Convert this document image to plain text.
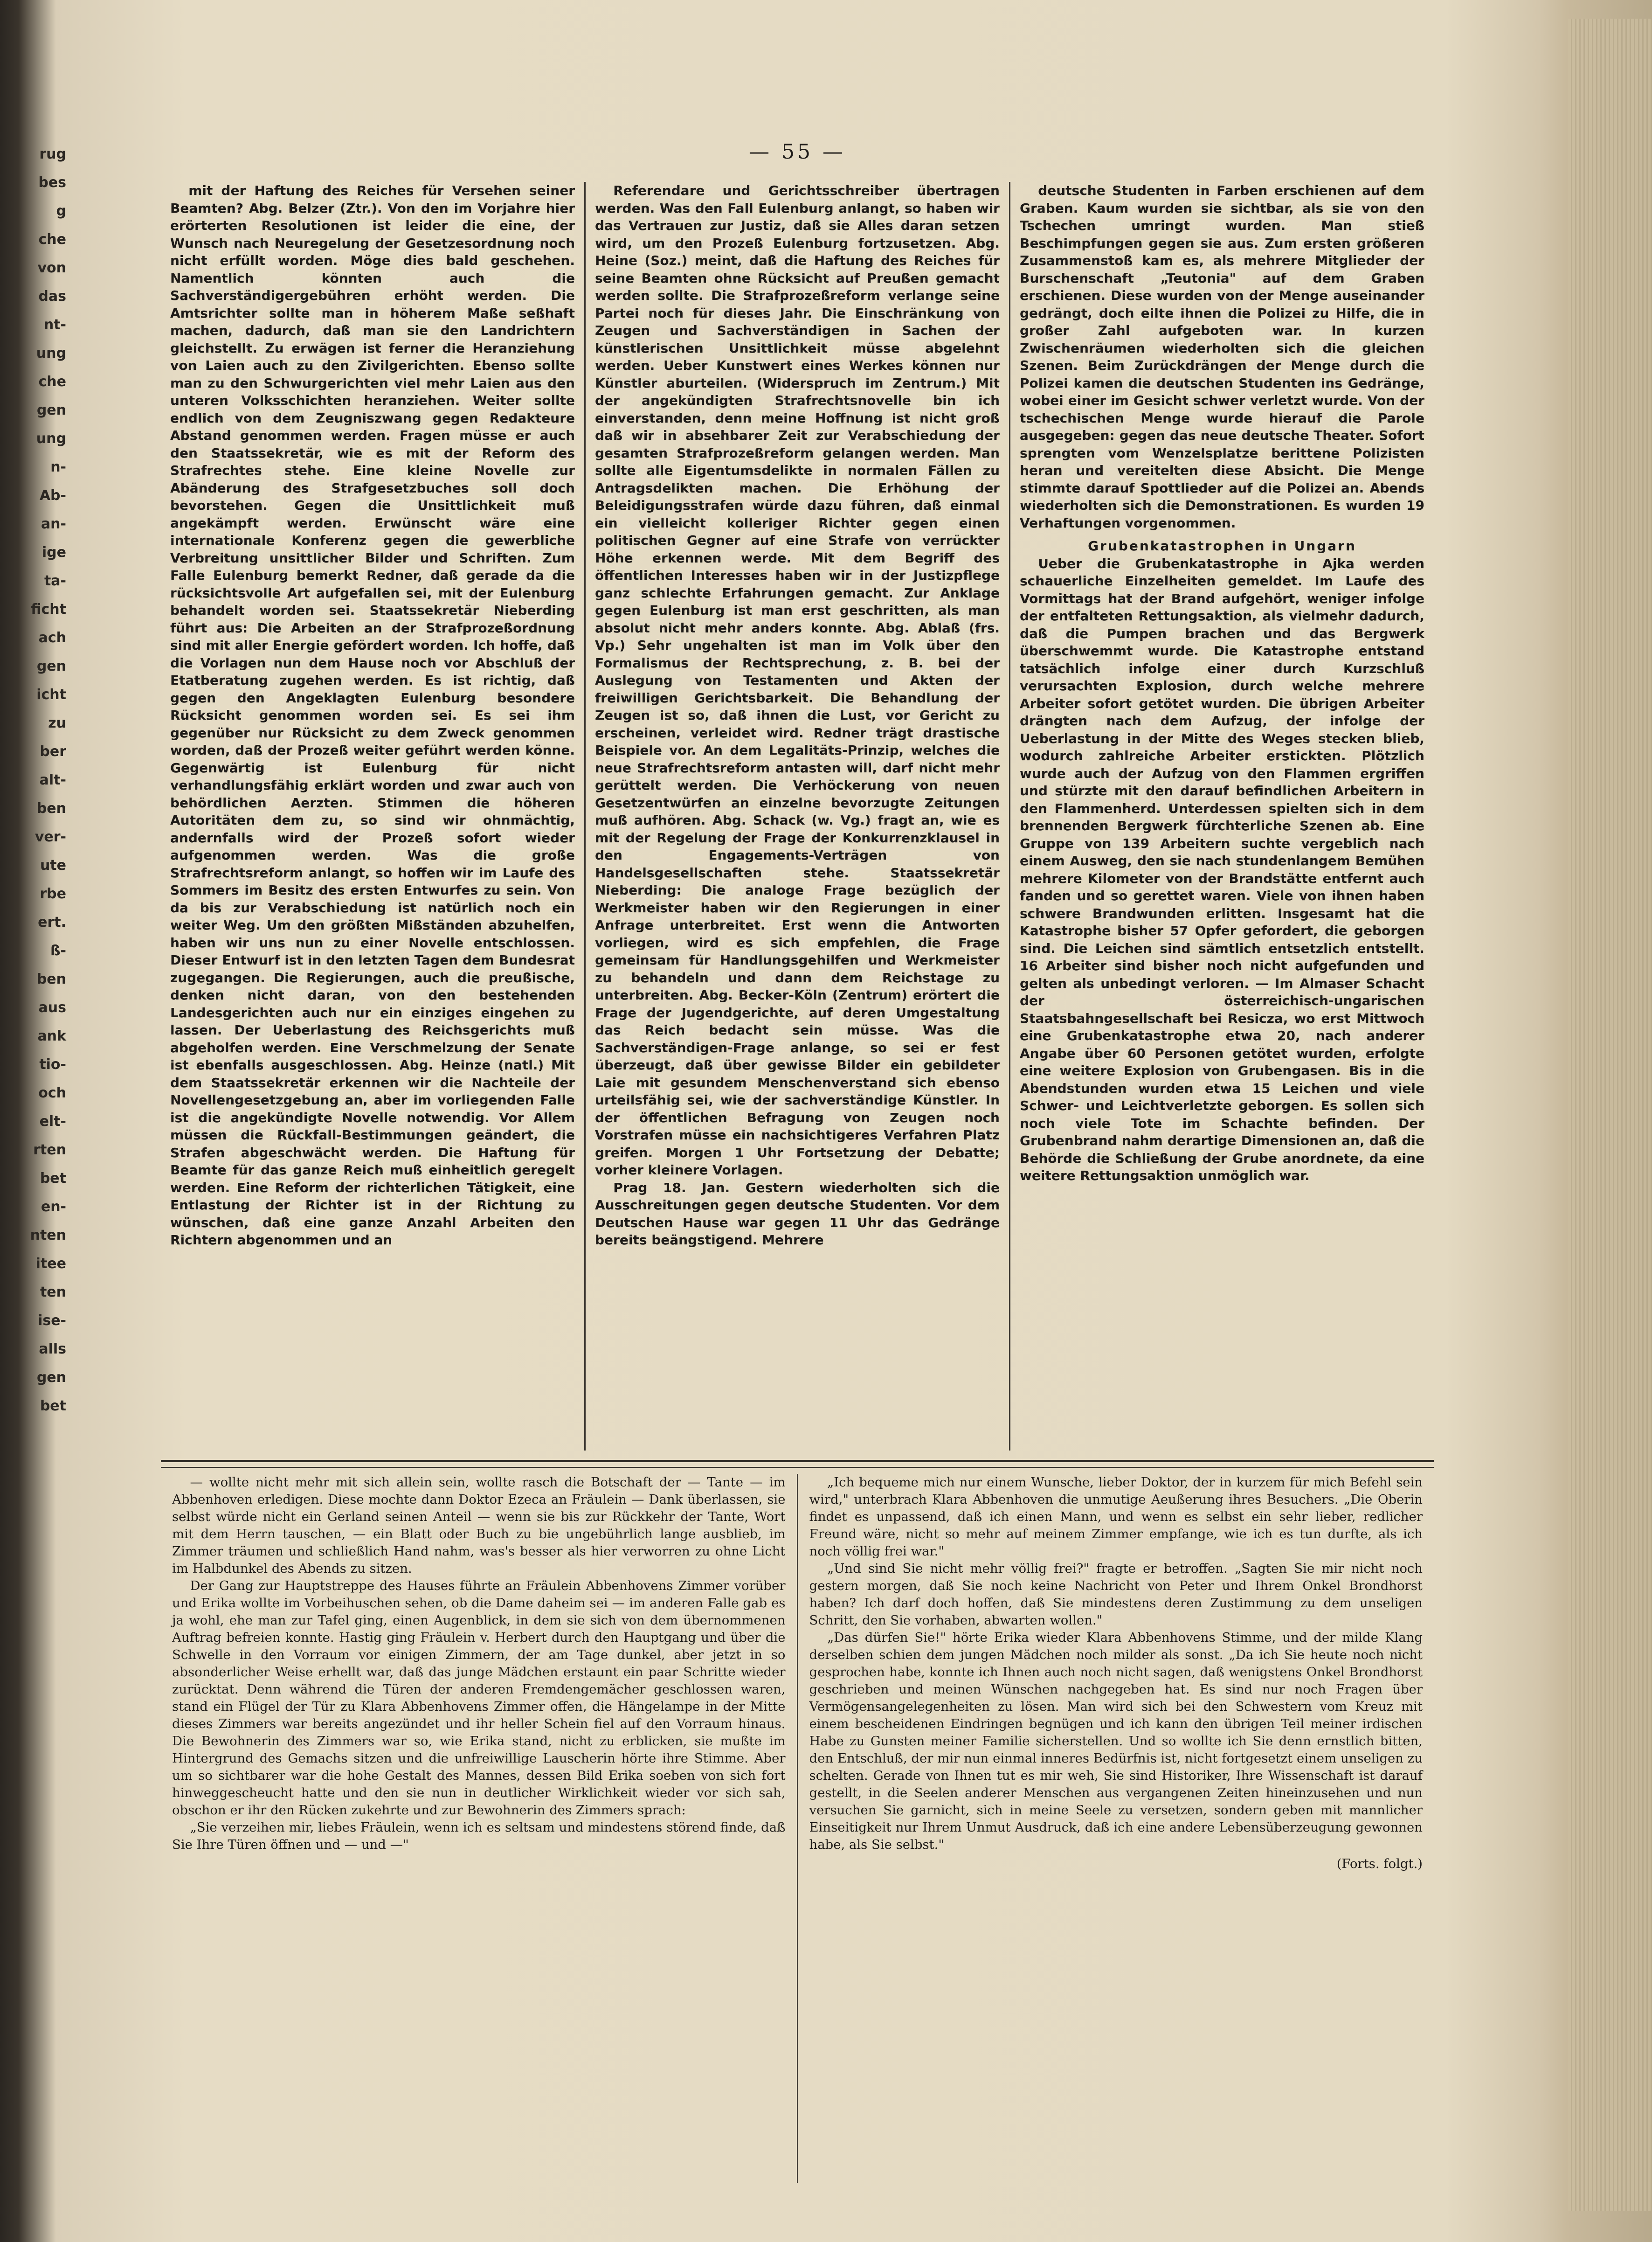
rug
bes
g
che
von
das
nt-
ung
che
gen
ung
n-
Ab-
an-
ige
ta-
ficht
ach
gen
icht
zu
ber
alt-
ben
ver-
ute
rbe
ert.
ß-
ben
aus
ank
tio-
och
elt-
rten
bet
en-
nten
itee
ten
ise-
alls
gen
bet
— 55 —

mit der Haftung des Reiches für Versehen seiner Beamten? Abg. Belzer (Ztr.). Von den im Vorjahre hier erörterten Resolutionen ist leider die eine, der Wunsch nach Neuregelung der Gesetzesordnung noch nicht erfüllt worden. Möge dies bald geschehen. Namentlich könnten auch die Sachverständigergebühren erhöht werden. Die Amtsrichter sollte man in höherem Maße seßhaft machen, dadurch, daß man sie den Landrichtern gleichstellt. Zu erwägen ist ferner die Heranziehung von Laien auch zu den Zivilgerichten. Ebenso sollte man zu den Schwurgerichten viel mehr Laien aus den unteren Volksschichten heranziehen. Weiter sollte endlich von dem Zeugniszwang gegen Redakteure Abstand genommen werden. Fragen müsse er auch den Staatssekretär, wie es mit der Reform des Strafrechtes stehe. Eine kleine Novelle zur Abänderung des Strafgesetzbuches soll doch bevorstehen. Gegen die Unsittlichkeit muß angekämpft werden. Erwünscht wäre eine internationale Konferenz gegen die gewerbliche Verbreitung unsittlicher Bilder und Schriften. Zum Falle Eulenburg bemerkt Redner, daß gerade da die rücksichtsvolle Art aufgefallen sei, mit der Eulenburg behandelt worden sei. Staatssekretär Nieberding führt aus: Die Arbeiten an der Strafprozeßordnung sind mit aller Energie gefördert worden. Ich hoffe, daß die Vorlagen nun dem Hause noch vor Abschluß der Etatberatung zugehen werden. Es ist richtig, daß gegen den Angeklagten Eulenburg besondere Rücksicht genommen worden sei. Es sei ihm gegenüber nur Rücksicht zu dem Zweck genommen worden, daß der Prozeß weiter geführt werden könne. Gegenwärtig ist Eulenburg für nicht verhandlungsfähig erklärt worden und zwar auch von behördlichen Aerzten. Stimmen die höheren Autoritäten dem zu, so sind wir ohnmächtig, andernfalls wird der Prozeß sofort wieder aufgenommen werden. Was die große Strafrechtsreform anlangt, so hoffen wir im Laufe des Sommers im Besitz des ersten Entwurfes zu sein. Von da bis zur Verabschiedung ist natürlich noch ein weiter Weg. Um den größten Mißständen abzuhelfen, haben wir uns nun zu einer Novelle entschlossen. Dieser Entwurf ist in den letzten Tagen dem Bundesrat zugegangen. Die Regierungen, auch die preußische, denken nicht daran, von den bestehenden Landesgerichten auch nur ein einziges eingehen zu lassen. Der Ueberlastung des Reichsgerichts muß abgeholfen werden. Eine Verschmelzung der Senate ist ebenfalls ausgeschlossen. Abg. Heinze (natl.) Mit dem Staatssekretär erkennen wir die Nachteile der Novellengesetzgebung an, aber im vorliegenden Falle ist die angekündigte Novelle notwendig. Vor Allem müssen die Rückfall-Bestimmungen geändert, die Strafen abgeschwächt werden. Die Haftung für Beamte für das ganze Reich muß einheitlich geregelt werden. Eine Reform der richterlichen Tätigkeit, eine Entlastung der Richter ist in der Richtung zu wünschen, daß eine ganze Anzahl Arbeiten den Richtern abgenommen und an

Referendare und Gerichtsschreiber übertragen werden. Was den Fall Eulenburg anlangt, so haben wir das Vertrauen zur Justiz, daß sie Alles daran setzen wird, um den Prozeß Eulenburg fortzusetzen. Abg. Heine (Soz.) meint, daß die Haftung des Reiches für seine Beamten ohne Rücksicht auf Preußen gemacht werden sollte. Die Strafprozeßreform verlange seine Partei noch für dieses Jahr. Die Einschränkung von Zeugen und Sachverständigen in Sachen der künstlerischen Unsittlichkeit müsse abgelehnt werden. Ueber Kunstwert eines Werkes können nur Künstler aburteilen. (Widerspruch im Zentrum.) Mit der angekündigten Strafrechtsnovelle bin ich einverstanden, denn meine Hoffnung ist nicht groß daß wir in absehbarer Zeit zur Verabschiedung der gesamten Strafprozeßreform gelangen werden. Man sollte alle Eigentumsdelikte in normalen Fällen zu Antragsdelikten machen. Die Erhöhung der Beleidigungsstrafen würde dazu führen, daß einmal ein vielleicht kolleriger Richter gegen einen politischen Gegner auf eine Strafe von verrückter Höhe erkennen werde. Mit dem Begriff des öffentlichen Interesses haben wir in der Justizpflege ganz schlechte Erfahrungen gemacht. Zur Anklage gegen Eulenburg ist man erst geschritten, als man absolut nicht mehr anders konnte. Abg. Ablaß (frs. Vp.) Sehr ungehalten ist man im Volk über den Formalismus der Rechtsprechung, z. B. bei der Auslegung von Testamenten und Akten der freiwilligen Gerichtsbarkeit. Die Behandlung der Zeugen ist so, daß ihnen die Lust, vor Gericht zu erscheinen, verleidet wird. Redner trägt drastische Beispiele vor. An dem Legalitäts-Prinzip, welches die neue Strafrechtsreform antasten will, darf nicht mehr gerüttelt werden. Die Verhöckerung von neuen Gesetzentwürfen an einzelne bevorzugte Zeitungen muß aufhören. Abg. Schack (w. Vg.) fragt an, wie es mit der Regelung der Frage der Konkurrenzklausel in den Engagements-Verträgen von Handelsgesellschaften stehe. Staatssekretär Nieberding: Die analoge Frage bezüglich der Werkmeister haben wir den Regierungen in einer Anfrage unterbreitet. Erst wenn die Antworten vorliegen, wird es sich empfehlen, die Frage gemeinsam für Handlungsgehilfen und Werkmeister zu behandeln und dann dem Reichstage zu unterbreiten. Abg. Becker-Köln (Zentrum) erörtert die Frage der Jugendgerichte, auf deren Umgestaltung das Reich bedacht sein müsse. Was die Sachverständigen-Frage anlange, so sei er fest überzeugt, daß über gewisse Bilder ein gebildeter Laie mit gesundem Menschenverstand sich ebenso urteilsfähig sei, wie der sachverständige Künstler. In der öffentlichen Befragung von Zeugen noch Vorstrafen müsse ein nachsichtigeres Verfahren Platz greifen. Morgen 1 Uhr Fortsetzung der Debatte; vorher kleinere Vorlagen.

Prag 18. Jan. Gestern wiederholten sich die Ausschreitungen gegen deutsche Studenten. Vor dem Deutschen Hause war gegen 11 Uhr das Gedränge bereits beängstigend. Mehrere

deutsche Studenten in Farben erschienen auf dem Graben. Kaum wurden sie sichtbar, als sie von den Tschechen umringt wurden. Man stieß Beschimpfungen gegen sie aus. Zum ersten größeren Zusammenstoß kam es, als mehrere Mitglieder der Burschenschaft „Teutonia" auf dem Graben erschienen. Diese wurden von der Menge auseinander gedrängt, doch eilte ihnen die Polizei zu Hilfe, die in großer Zahl aufgeboten war. In kurzen Zwischenräumen wiederholten sich die gleichen Szenen. Beim Zurückdrängen der Menge durch die Polizei kamen die deutschen Studenten ins Gedränge, wobei einer im Gesicht schwer verletzt wurde. Von der tschechischen Menge wurde hierauf die Parole ausgegeben: gegen das neue deutsche Theater. Sofort sprengten vom Wenzelsplatze berittene Polizisten heran und vereitelten diese Absicht. Die Menge stimmte darauf Spottlieder auf die Polizei an. Abends wiederholten sich die Demonstrationen. Es wurden 19 Verhaftungen vorgenommen.

Grubenkatastrophen in Ungarn

Ueber die Grubenkatastrophe in Ajka werden schauerliche Einzelheiten gemeldet. Im Laufe des Vormittags hat der Brand aufgehört, weniger infolge der entfalteten Rettungsaktion, als vielmehr dadurch, daß die Pumpen brachen und das Bergwerk überschwemmt wurde. Die Katastrophe entstand tatsächlich infolge einer durch Kurzschluß verursachten Explosion, durch welche mehrere Arbeiter sofort getötet wurden. Die übrigen Arbeiter drängten nach dem Aufzug, der infolge der Ueberlastung in der Mitte des Weges stecken blieb, wodurch zahlreiche Arbeiter erstickten. Plötzlich wurde auch der Aufzug von den Flammen ergriffen und stürzte mit den darauf befindlichen Arbeitern in den Flammenherd. Unterdessen spielten sich in dem brennenden Bergwerk fürchterliche Szenen ab. Eine Gruppe von 139 Arbeitern suchte vergeblich nach einem Ausweg, den sie nach stundenlangem Bemühen mehrere Kilometer von der Brandstätte entfernt auch fanden und so gerettet waren. Viele von ihnen haben schwere Brandwunden erlitten. Insgesamt hat die Katastrophe bisher 57 Opfer gefordert, die geborgen sind. Die Leichen sind sämtlich entsetzlich entstellt. 16 Arbeiter sind bisher noch nicht aufgefunden und gelten als unbedingt verloren. — Im Almaser Schacht der österreichisch-ungarischen Staatsbahngesellschaft bei Resicza, wo erst Mittwoch eine Grubenkatastrophe etwa 20, nach anderer Angabe über 60 Personen getötet wurden, erfolgte eine weitere Explosion von Grubengasen. Bis in die Abendstunden wurden etwa 15 Leichen und viele Schwer- und Leichtverletzte geborgen. Es sollen sich noch viele Tote im Schachte befinden. Der Grubenbrand nahm derartige Dimensionen an, daß die Behörde die Schließung der Grube anordnete, da eine weitere Rettungsaktion unmöglich war.

— wollte nicht mehr mit sich allein sein, wollte rasch die Botschaft der — Tante — im Abbenhoven erledigen. Diese mochte dann Doktor Ezeca an Fräulein — Dank überlassen, sie selbst würde nicht ein Gerland seinen Anteil — wenn sie bis zur Rückkehr der Tante, Wort mit dem Herrn tauschen, — ein Blatt oder Buch zu bie ungebührlich lange ausblieb, im Zimmer träumen und schließlich Hand nahm, was's besser als hier verworren zu ohne Licht im Halbdunkel des Abends zu sitzen.

Der Gang zur Hauptstreppe des Hauses führte an Fräulein Abbenhovens Zimmer vorüber und Erika wollte im Vorbeihuschen sehen, ob die Dame daheim sei — im anderen Falle gab es ja wohl, ehe man zur Tafel ging, einen Augenblick, in dem sie sich von dem übernommenen Auftrag befreien konnte. Hastig ging Fräulein v. Herbert durch den Hauptgang und über die Schwelle in den Vorraum vor einigen Zimmern, der am Tage dunkel, aber jetzt in so absonderlicher Weise erhellt war, daß das junge Mädchen erstaunt ein paar Schritte wieder zurücktat. Denn während die Türen der anderen Fremdengemächer geschlossen waren, stand ein Flügel der Tür zu Klara Abbenhovens Zimmer offen, die Hängelampe in der Mitte dieses Zimmers war bereits angezündet und ihr heller Schein fiel auf den Vorraum hinaus. Die Bewohnerin des Zimmers war so, wie Erika stand, nicht zu erblicken, sie mußte im Hintergrund des Gemachs sitzen und die unfreiwillige Lauscherin hörte ihre Stimme. Aber um so sichtbarer war die hohe Gestalt des Mannes, dessen Bild Erika soeben von sich fort hinweggescheucht hatte und den sie nun in deutlicher Wirklichkeit wieder vor sich sah, obschon er ihr den Rücken zukehrte und zur Bewohnerin des Zimmers sprach:

„Sie verzeihen mir, liebes Fräulein, wenn ich es seltsam und mindestens störend finde, daß Sie Ihre Türen öffnen und — und —"

„Ich bequeme mich nur einem Wunsche, lieber Doktor, der in kurzem für mich Befehl sein wird," unterbrach Klara Abbenhoven die unmutige Aeußerung ihres Besuchers. „Die Oberin findet es unpassend, daß ich einen Mann, und wenn es selbst ein sehr lieber, redlicher Freund wäre, nicht so mehr auf meinem Zimmer empfange, wie ich es tun durfte, als ich noch völlig frei war."

„Und sind Sie nicht mehr völlig frei?" fragte er betroffen. „Sagten Sie mir nicht noch gestern morgen, daß Sie noch keine Nachricht von Peter und Ihrem Onkel Brondhorst haben? Ich darf doch hoffen, daß Sie mindestens deren Zustimmung zu dem unseligen Schritt, den Sie vorhaben, abwarten wollen."

„Das dürfen Sie!" hörte Erika wieder Klara Abbenhovens Stimme, und der milde Klang derselben schien dem jungen Mädchen noch milder als sonst. „Da ich Sie heute noch nicht gesprochen habe, konnte ich Ihnen auch noch nicht sagen, daß wenigstens Onkel Brondhorst geschrieben und meinen Wünschen nachgegeben hat. Es sind nur noch Fragen über Vermögensangelegenheiten zu lösen. Man wird sich bei den Schwestern vom Kreuz mit einem bescheidenen Eindringen begnügen und ich kann den übrigen Teil meiner irdischen Habe zu Gunsten meiner Familie sicherstellen. Und so wollte ich Sie denn ernstlich bitten, den Entschluß, der mir nun einmal inneres Bedürfnis ist, nicht fortgesetzt einem unseligen zu schelten. Gerade von Ihnen tut es mir weh, Sie sind Historiker, Ihre Wissenschaft ist darauf gestellt, in die Seelen anderer Menschen aus vergangenen Zeiten hineinzusehen und nun versuchen Sie garnicht, sich in meine Seele zu versetzen, sondern geben mit mannlicher Einseitigkeit nur Ihrem Unmut Ausdruck, daß ich eine andere Lebensüberzeugung gewonnen habe, als Sie selbst."

(Forts. folgt.)
